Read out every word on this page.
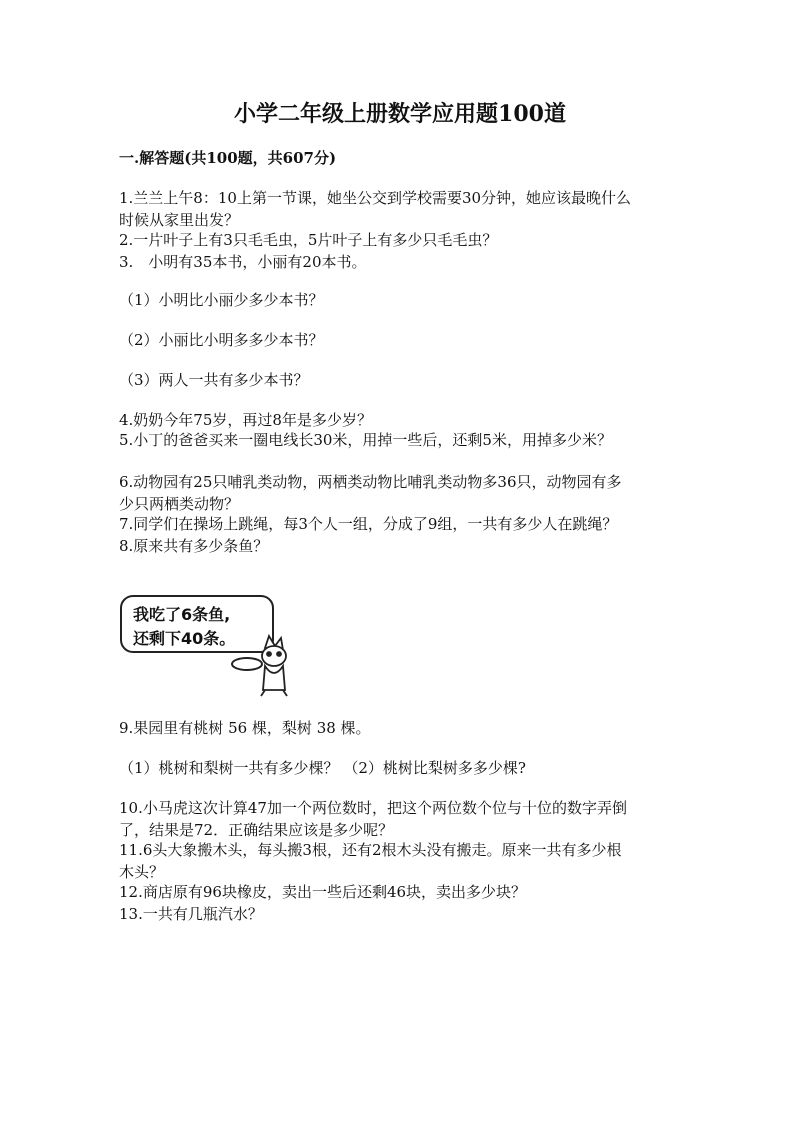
小学二年级上册数学应用题100道
一.解答题(共100题，共607分)
1.兰兰上午8：10上第一节课，她坐公交到学校需要30分钟，她应该最晚什么
时候从家里出发？
2.一片叶子上有3只毛毛虫，5片叶子上有多少只毛毛虫？
3.　小明有35本书，小丽有20本书。
（1）小明比小丽少多少本书？
（2）小丽比小明多多少本书？
（3）两人一共有多少本书？
4.奶奶今年75岁，再过8年是多少岁？
5.小丁的爸爸买来一圈电线长30米，用掉一些后，还剩5米，用掉多少米？
6.动物园有25只哺乳类动物，两栖类动物比哺乳类动物多36只，动物园有多
少只两栖类动物？
7.同学们在操场上跳绳，每3个人一组，分成了9组，一共有多少人在跳绳？
8.原来共有多少条鱼？
我吃了6条鱼,
还剩下40条。
9.果园里有桃树 56 棵，梨树 38 棵。
（1）桃树和梨树一共有多少棵？ （2）桃树比梨树多多少棵?
10.小马虎这次计算47加一个两位数时，把这个两位数个位与十位的数字弄倒
了，结果是72．正确结果应该是多少呢？
11.6头大象搬木头，每头搬3根，还有2根木头没有搬走。原来一共有多少根
木头？
12.商店原有96块橡皮，卖出一些后还剩46块，卖出多少块？
13.一共有几瓶汽水？
